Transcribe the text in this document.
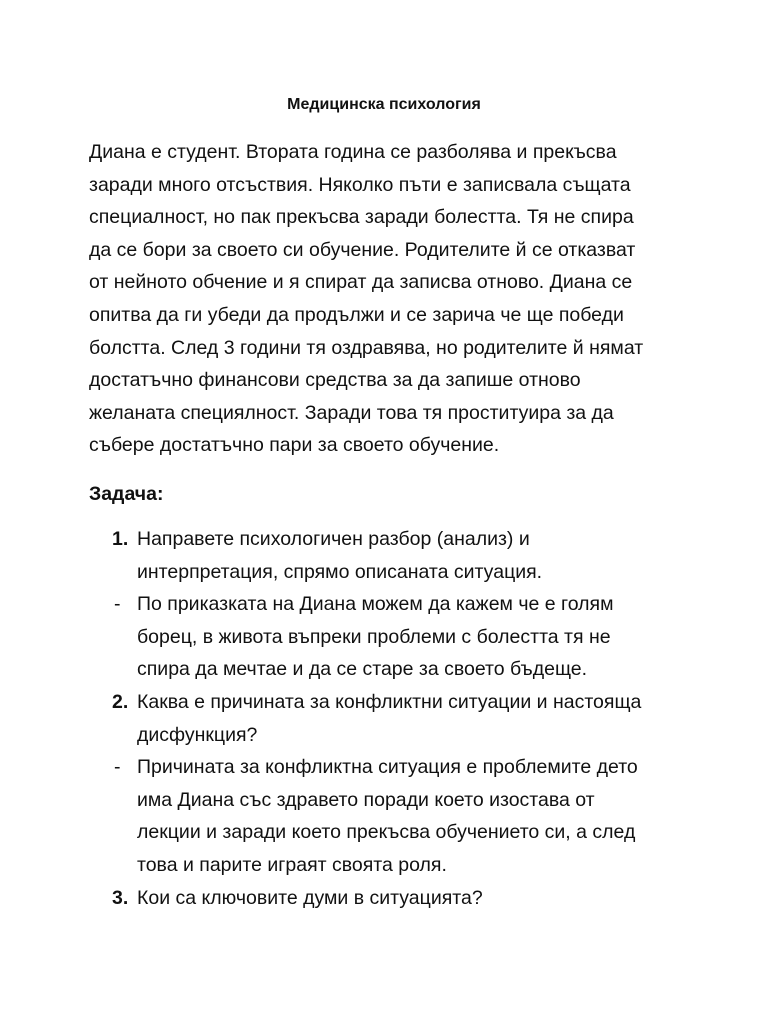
Медицинска психология
Диана е студент. Втората година се разболява и прекъсва
заради много отсъствия. Няколко пъти е записвала същата
специалност, но пак прекъсва заради болестта. Тя не спира
да се бори за своето си обучение. Родителите й се отказват
от нейното обчение и я спират да записва отново. Диана се
опитва да ги убеди да продължи и се зарича че ще победи
болстта. След 3 години тя оздравява, но родителите й нямат
достатъчно финансови средства за да запише отново
желаната специялност. Заради това тя проституира за да
събере достатъчно пари за своето обучение.
Задача:
1. Направете психологичен разбор (анализ) и
интерпретация, спрямо описаната ситуация.
- По приказката на Диана можем да кажем че е голям
борец, в живота въпреки проблеми с болестта тя не
спира да мечтае и да се старе за своето бъдеще.
2. Каква е причината за конфликтни ситуации и настояща
дисфункция?
- Причината за конфликтна ситуация е проблемите дето
има Диана със здравето поради което изостава от
лекции и заради което прекъсва обучението си, а след
това и парите играят своята роля.
3. Кои са ключовите думи в ситуацията?
